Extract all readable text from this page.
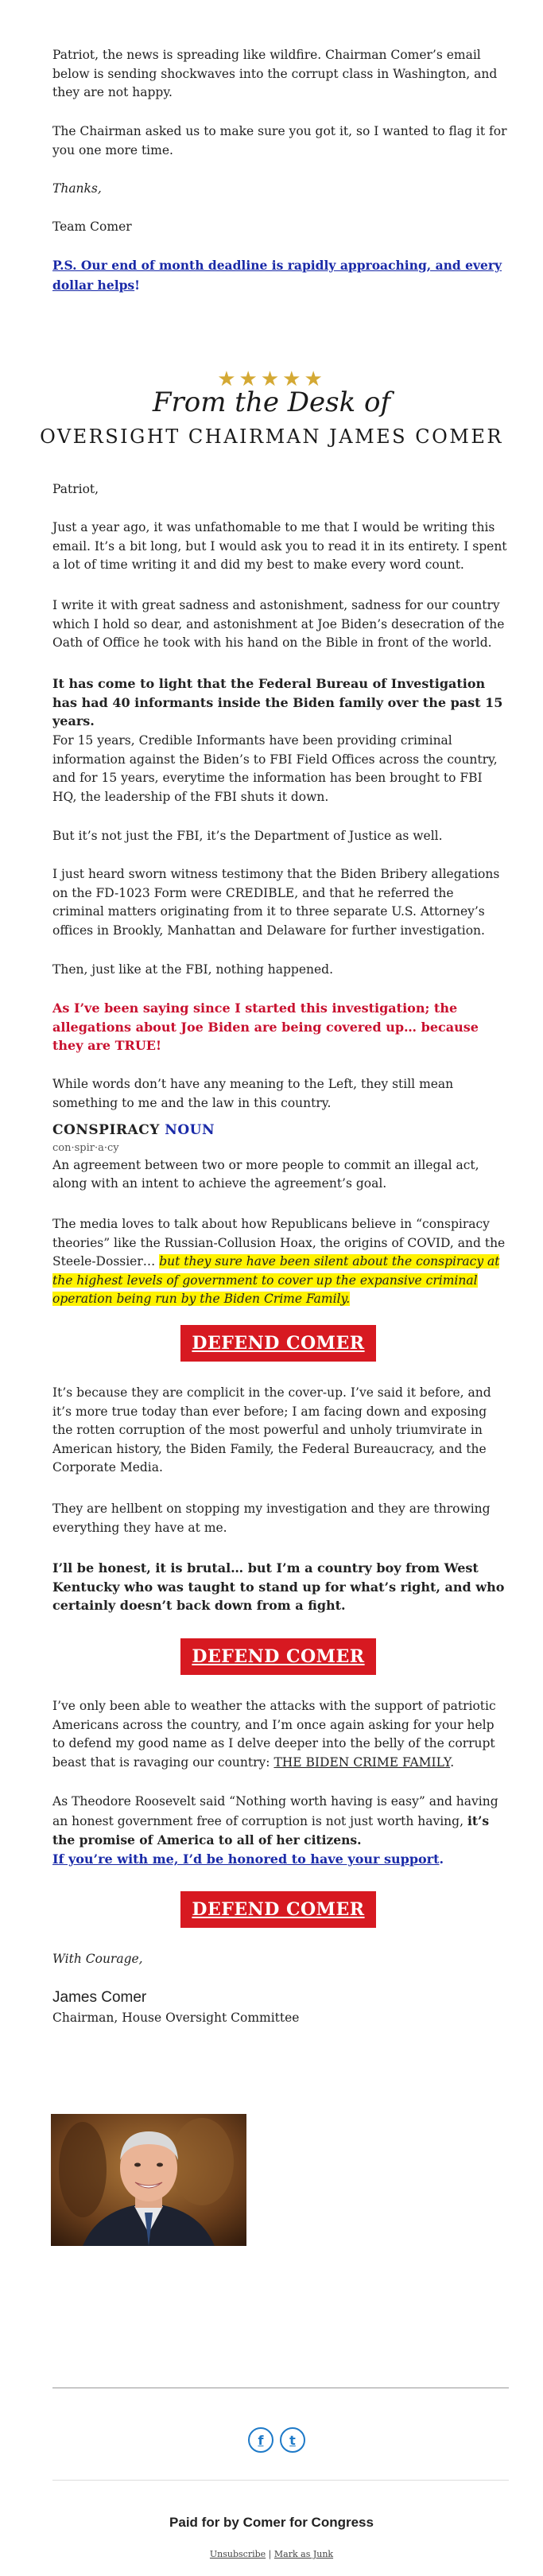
Patriot, the news is spreading like wildfire. Chairman Comer’s email below is sending shockwaves into the corrupt class in Washington, and they are not happy.

The Chairman asked us to make sure you got it, so I wanted to flag it for you one more time.

Thanks,

Team Comer

P.S. Our end of month deadline is rapidly approaching, and every dollar helps!

★★★★★
From the Desk of
OVERSIGHT CHAIRMAN JAMES COMER

Patriot,

Just a year ago, it was unfathomable to me that I would be writing this email. It’s a bit long, but I would ask you to read it in its entirety. I spent a lot of time writing it and did my best to make every word count.

I write it with great sadness and astonishment, sadness for our country which I hold so dear, and astonishment at Joe Biden’s desecration of the Oath of Office he took with his hand on the Bible in front of the world.

It has come to light that the Federal Bureau of Investigation has had 40 informants inside the Biden family over the past 15 years.

For 15 years, Credible Informants have been providing criminal information against the Biden’s to FBI Field Offices across the country, and for 15 years, everytime the information has been brought to FBI HQ, the leadership of the FBI shuts it down.

But it’s not just the FBI, it’s the Department of Justice as well.

I just heard sworn witness testimony that the Biden Bribery allegations on the FD-1023 Form were CREDIBLE, and that he referred the criminal matters originating from it to three separate U.S. Attorney’s offices in Brookly, Manhattan and Delaware for further investigation.

Then, just like at the FBI, nothing happened.

As I’ve been saying since I started this investigation; the allegations about Joe Biden are being covered up… because they are TRUE!

While words don’t have any meaning to the Left, they still mean something to me and the law in this country.

CONSPIRACY NOUN
con·spir·a·cy
An agreement between two or more people to commit an illegal act, along with an intent to achieve the agreement’s goal.

The media loves to talk about how Republicans believe in “conspiracy theories” like the Russian-Collusion Hoax, the origins of COVID, and the Steele-Dossier… but they sure have been silent about the conspiracy at the highest levels of government to cover up the expansive criminal operation being run by the Biden Crime Family.

DEFEND COMER

It’s because they are complicit in the cover-up. I’ve said it before, and it’s more true today than ever before; I am facing down and exposing the rotten corruption of the most powerful and unholy triumvirate in American history, the Biden Family, the Federal Bureaucracy, and the Corporate Media.

They are hellbent on stopping my investigation and they are throwing everything they have at me.

I’ll be honest, it is brutal… but I’m a country boy from West Kentucky who was taught to stand up for what’s right, and who certainly doesn’t back down from a fight.

DEFEND COMER

I’ve only been able to weather the attacks with the support of patriotic Americans across the country, and I’m once again asking for your help to defend my good name as I delve deeper into the belly of the corrupt beast that is ravaging our country: THE BIDEN CRIME FAMILY.

As Theodore Roosevelt said “Nothing worth having is easy” and having an honest government free of corruption is not just worth having, it’s the promise of America to all of her citizens.

If you’re with me, I’d be honored to have your support.

DEFEND COMER

With Courage,

James Comer

Chairman, House Oversight Committee

f	t
Paid for by Comer for Congress
Unsubscribe | Mark as Junk
